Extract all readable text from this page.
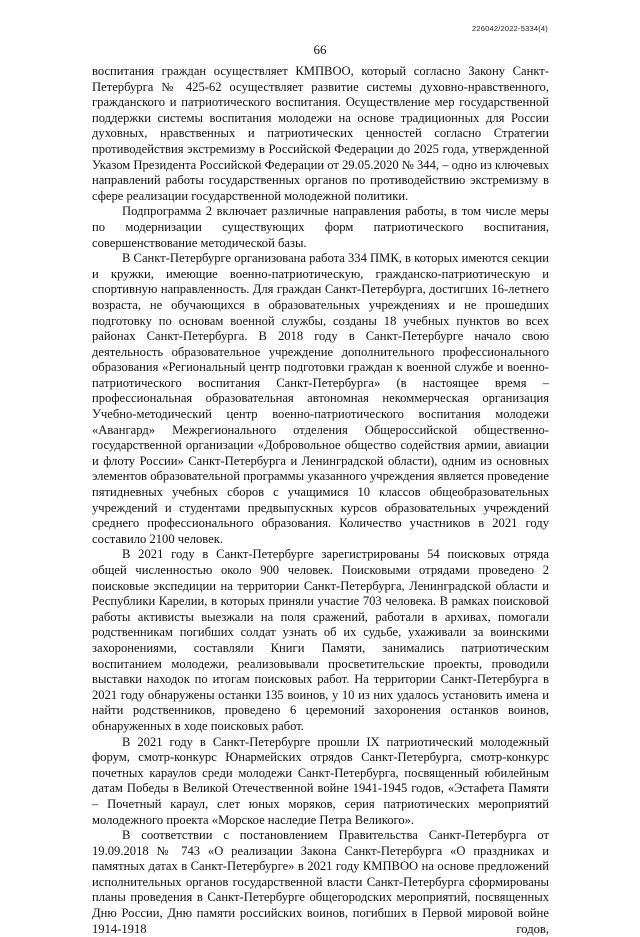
226042/2022-5334(4)
66

воспитания граждан осуществляет КМПВОО, который согласно Закону Санкт-Петербурга № 425-62 осуществляет развитие системы духовно-нравственного, гражданского и патриотического воспитания. Осуществление мер государственной поддержки системы воспитания молодежи на основе традиционных для России духовных, нравственных и патриотических ценностей согласно Стратегии противодействия экстремизму в Российской Федерации до 2025 года, утвержденной Указом Президента Российской Федерации от 29.05.2020 № 344, – одно из ключевых направлений работы государственных органов по противодействию экстремизму в сфере реализации государственной молодежной политики.

Подпрограмма 2 включает различные направления работы, в том числе меры по модернизации существующих форм патриотического воспитания, совершенствование методической базы.

В Санкт-Петербурге организована работа 334 ПМК, в которых имеются секции и кружки, имеющие военно-патриотическую, гражданско-патриотическую и спортивную направленность. Для граждан Санкт-Петербурга, достигших 16-летнего возраста, не обучающихся в образовательных учреждениях и не прошедших подготовку по основам военной службы, созданы 18 учебных пунктов во всех районах Санкт-Петербурга. В 2018 году в Санкт-Петербурге начало свою деятельность образовательное учреждение дополнительного профессионального образования «Региональный центр подготовки граждан к военной службе и военно-патриотического воспитания Санкт-Петербурга» (в настоящее время – профессиональная образовательная автономная некоммерческая организация Учебно-методический центр военно-патриотического воспитания молодежи «Авангард» Межрегионального отделения Общероссийской общественно-государственной организации «Добровольное общество содействия армии, авиации и флоту России» Санкт-Петербурга и Ленинградской области), одним из основных элементов образовательной программы указанного учреждения является проведение пятидневных учебных сборов с учащимися 10 классов общеобразовательных учреждений и студентами предвыпускных курсов образовательных учреждений среднего профессионального образования. Количество участников в 2021 году составило 2100 человек.

В 2021 году в Санкт-Петербурге зарегистрированы 54 поисковых отряда общей численностью около 900 человек. Поисковыми отрядами проведено 2 поисковые экспедиции на территории Санкт-Петербурга, Ленинградской области и Республики Карелии, в которых приняли участие 703 человека. В рамках поисковой работы активисты выезжали на поля сражений, работали в архивах, помогали родственникам погибших солдат узнать об их судьбе, ухаживали за воинскими захоронениями, составляли Книги Памяти, занимались патриотическим воспитанием молодежи, реализовывали просветительские проекты, проводили выставки находок по итогам поисковых работ. На территории Санкт-Петербурга в 2021 году обнаружены останки 135 воинов, у 10 из них удалось установить имена и найти родственников, проведено 6 церемоний захоронения останков воинов, обнаруженных в ходе поисковых работ.

В 2021 году в Санкт-Петербурге прошли IX патриотический молодежный форум, смотр-конкурс Юнармейских отрядов Санкт-Петербурга, смотр-конкурс почетных караулов среди молодежи Санкт-Петербурга, посвященный юбилейным датам Победы в Великой Отечественной войне 1941-1945 годов, «Эстафета Памяти – Почетный караул, слет юных моряков, серия патриотических мероприятий молодежного проекта «Морское наследие Петра Великого».

В соответствии с постановлением Правительства Санкт-Петербурга от 19.09.2018 № 743 «О реализации Закона Санкт-Петербурга «О праздниках и памятных датах в Санкт-Петербурге» в 2021 году КМПВОО на основе предложений исполнительных органов государственной власти Санкт-Петербурга сформированы планы проведения в Санкт-Петербурге общегородских мероприятий, посвященных Дню России, Дню памяти российских воинов, погибших в Первой мировой войне 1914-1918 годов,
